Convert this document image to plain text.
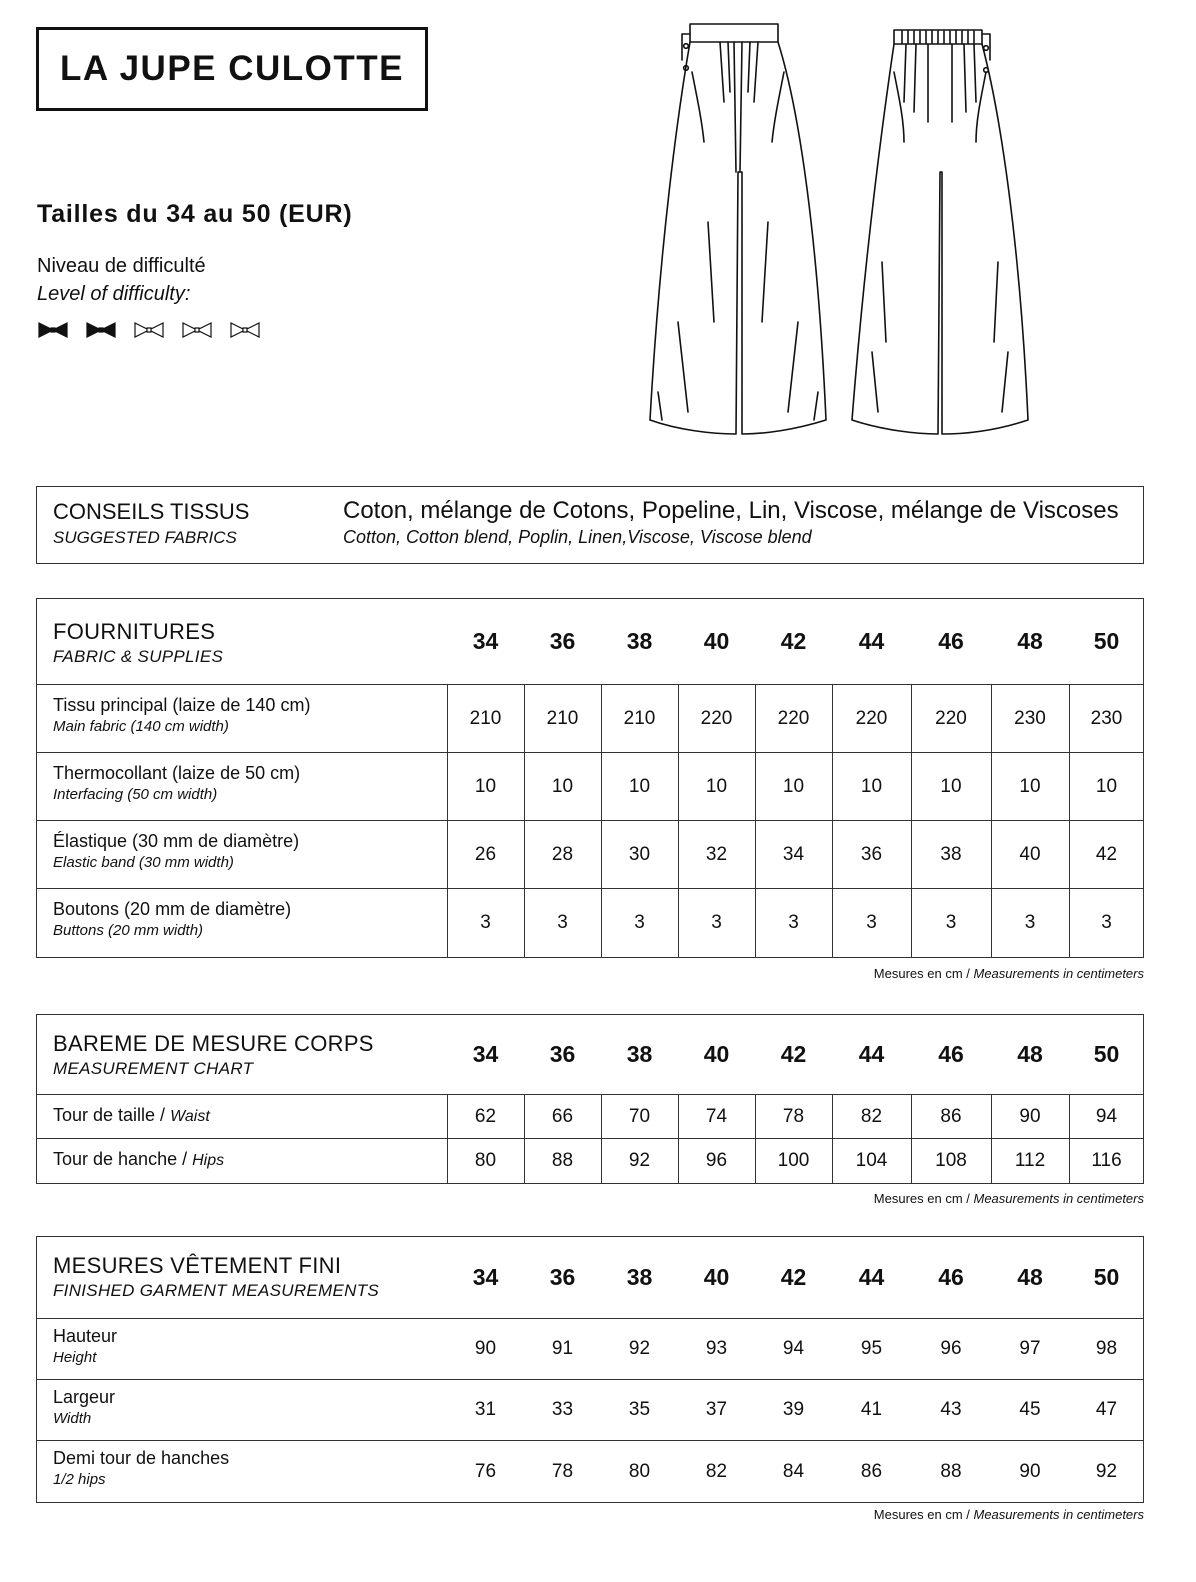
LA JUPE CULOTTE
Tailles du 34 au 50 (EUR)
Niveau de difficulté
Level of difficulty:
CONSEILS TISSUS
SUGGESTED FABRICS
Coton, mélange de Cotons, Popeline, Lin, Viscose, mélange de Viscoses
Cotton, Cotton blend, Poplin, Linen,Viscose, Viscose blend
FOURNITURES
FABRIC & SUPPLIES
34	36	38	40	42	44	46	48	50
Tissu principal (laize de 140 cm)
Main fabric (140 cm width)	210	210	210	220	220	220	220	230	230
Thermocollant (laize de 50 cm)
Interfacing (50 cm width)	10	10	10	10	10	10	10	10	10
Élastique (30 mm de diamètre)
Elastic band (30 mm width)	26	28	30	32	34	36	38	40	42
Boutons (20 mm de diamètre)
Buttons (20 mm width)	3	3	3	3	3	3	3	3	3
Mesures en cm / Measurements in centimeters
BAREME DE MESURE CORPS
MEASUREMENT CHART
34	36	38	40	42	44	46	48	50
Tour de taille / Waist	62	66	70	74	78	82	86	90	94
Tour de hanche / Hips	80	88	92	96	100	104	108	112	116
Mesures en cm / Measurements in centimeters
MESURES VÊTEMENT FINI
FINISHED GARMENT MEASUREMENTS
34	36	38	40	42	44	46	48	50
Hauteur
Height	90	91	92	93	94	95	96	97	98
Largeur
Width	31	33	35	37	39	41	43	45	47
Demi tour de hanches
1/2 hips	76	78	80	82	84	86	88	90	92
Mesures en cm / Measurements in centimeters
